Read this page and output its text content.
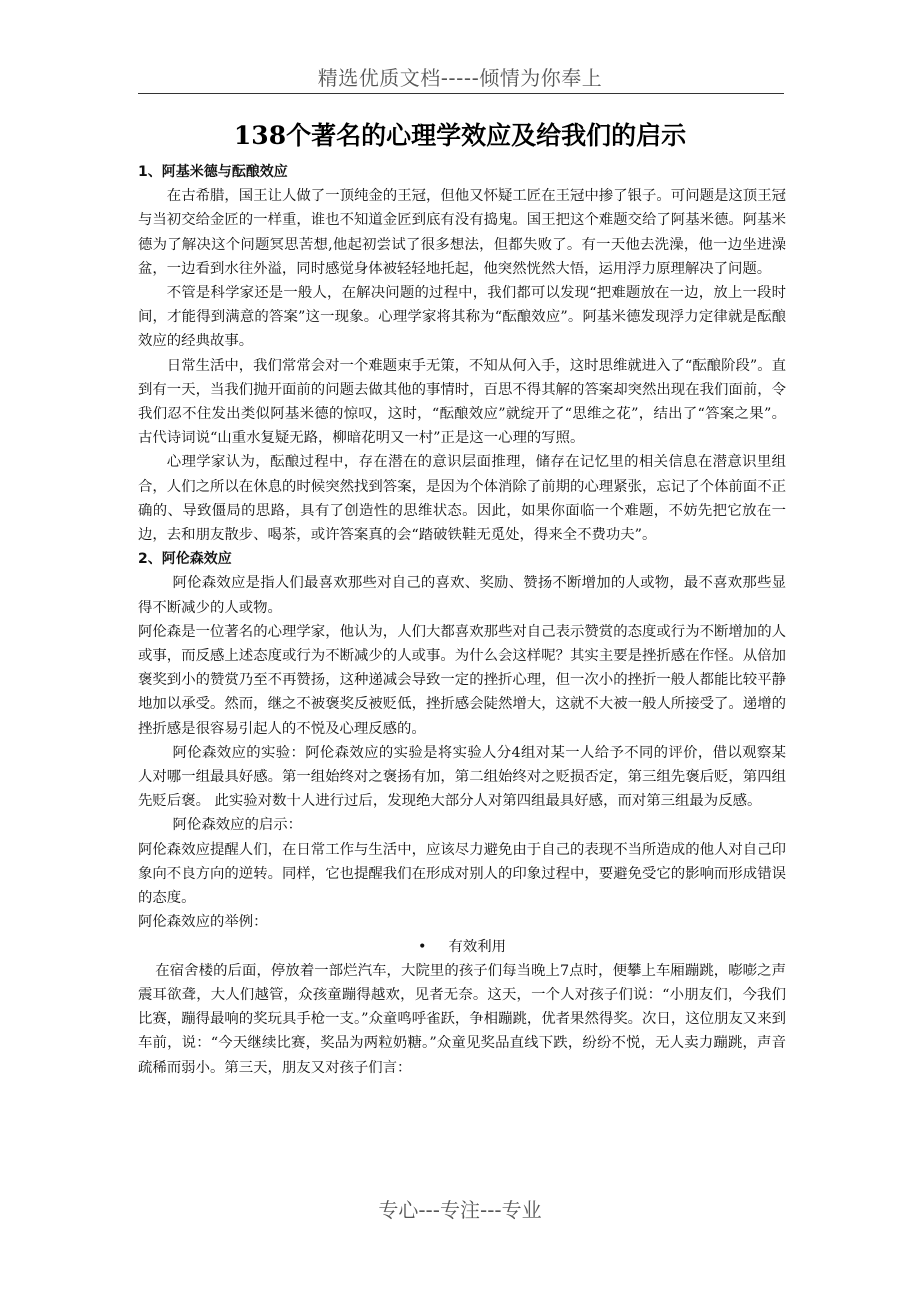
精选优质文档-----倾情为你奉上
138个著名的心理学效应及给我们的启示

1、阿基米德与酝酿效应

在古希腊，国王让人做了一顶纯金的王冠，但他又怀疑工匠在王冠中掺了银子。可问题是这顶王冠与当初交给金匠的一样重，谁也不知道金匠到底有没有捣鬼。国王把这个难题交给了阿基米德。阿基米德为了解决这个问题冥思苦想,他起初尝试了很多想法，但都失败了。有一天他去洗澡，他一边坐进澡盆，一边看到水往外溢，同时感觉身体被轻轻地托起，他突然恍然大悟，运用浮力原理解决了问题。

不管是科学家还是一般人，在解决问题的过程中，我们都可以发现“把难题放在一边，放上一段时间，才能得到满意的答案”这一现象。心理学家将其称为“酝酿效应”。阿基米德发现浮力定律就是酝酿效应的经典故事。

日常生活中，我们常常会对一个难题束手无策，不知从何入手，这时思维就进入了“酝酿阶段”。直到有一天，当我们抛开面前的问题去做其他的事情时，百思不得其解的答案却突然出现在我们面前，令我们忍不住发出类似阿基米德的惊叹，这时，“酝酿效应”就绽开了“思维之花”，结出了“答案之果”。古代诗词说“山重水复疑无路，柳暗花明又一村”正是这一心理的写照。

心理学家认为，酝酿过程中，存在潜在的意识层面推理，储存在记忆里的相关信息在潜意识里组合，人们之所以在休息的时候突然找到答案，是因为个体消除了前期的心理紧张，忘记了个体前面不正确的、导致僵局的思路，具有了创造性的思维状态。因此，如果你面临一个难题，不妨先把它放在一边，去和朋友散步、喝茶，或许答案真的会“踏破铁鞋无觅处，得来全不费功夫”。

2、阿伦森效应

阿伦森效应是指人们最喜欢那些对自己的喜欢、奖励、赞扬不断增加的人或物，最不喜欢那些显得不断减少的人或物。

阿伦森是一位著名的心理学家，他认为，人们大都喜欢那些对自己表示赞赏的态度或行为不断增加的人或事，而反感上述态度或行为不断减少的人或事。为什么会这样呢？其实主要是挫折感在作怪。从倍加褒奖到小的赞赏乃至不再赞扬，这种递减会导致一定的挫折心理，但一次小的挫折一般人都能比较平静地加以承受。然而，继之不被褒奖反被贬低，挫折感会陡然增大，这就不大被一般人所接受了。递增的挫折感是很容易引起人的不悦及心理反感的。

阿伦森效应的实验：阿伦森效应的实验是将实验人分4组对某一人给予不同的评价，借以观察某人对哪一组最具好感。第一组始终对之褒扬有加，第二组始终对之贬损否定，第三组先褒后贬，第四组先贬后褒。 此实验对数十人进行过后，发现绝大部分人对第四组最具好感，而对第三组最为反感。

阿伦森效应的启示：

阿伦森效应提醒人们，在日常工作与生活中，应该尽力避免由于自己的表现不当所造成的他人对自己印象向不良方向的逆转。同样，它也提醒我们在形成对别人的印象过程中，要避免受它的影响而形成错误的态度。

阿伦森效应的举例：

• 有效利用

在宿舍楼的后面，停放着一部烂汽车，大院里的孩子们每当晚上7点时，便攀上车厢蹦跳，嘭嘭之声震耳欲聋，大人们越管，众孩童蹦得越欢，见者无奈。这天，一个人对孩子们说：“小朋友们，今我们比赛，蹦得最响的奖玩具手枪一支。”众童鸣呼雀跃，争相蹦跳，优者果然得奖。次日，这位朋友又来到车前，说：“今天继续比赛，奖品为两粒奶糖。”众童见奖品直线下跌，纷纷不悦，无人卖力蹦跳，声音疏稀而弱小。第三天，朋友又对孩子们言：

专心---专注---专业
